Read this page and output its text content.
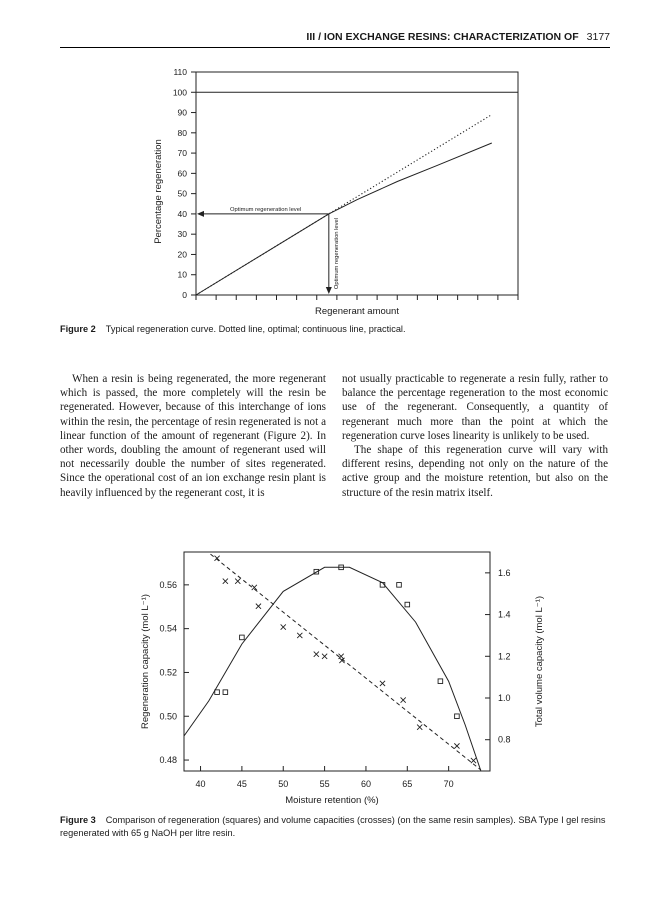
III / ION EXCHANGE RESINS: CHARACTERIZATION OF 3177
0
10
20
30
40
50
60
70
80
90
100
110
Regenerant amount
Percentage regeneration	Optimum regeneration level
Optimum regeneration level
Figure 2 Typical regeneration curve. Dotted line, optimal; continuous line, practical.

When a resin is being regenerated, the more regenerant which is passed, the more completely will the resin be regenerated. However, because of this interchange of ions within the resin, the percentage of resin regenerated is not a linear function of the amount of regenerant (Figure 2). In other words, doubling the amount of regenerant used will not necessarily double the number of sites regenerated. Since the operational cost of an ion exchange resin plant is heavily influenced by the regenerant cost, it is

not usually practicable to regenerate a resin fully, rather to balance the percentage regeneration to the most economic use of the regenerant. Consequently, a quantity of regenerant much more than the point at which the regeneration curve loses linearity is unlikely to be used.

The shape of this regeneration curve will vary with different resins, depending not only on the nature of the active group and the moisture retention, but also on the structure of the resin matrix itself.

40	45	50	55	60	65	70
0.48
0.50
0.52
0.54
0.56
0.8
1.0
1.2
1.4
1.6
Moisture retention (%)
Regeneration capacity (mol L⁻¹)	Total volume capacity (mol L⁻¹)
Figure 3 Comparison of regeneration (squares) and volume capacities (crosses) (on the same resin samples). SBA Type I gel resins regenerated with 65 g NaOH per litre resin.
